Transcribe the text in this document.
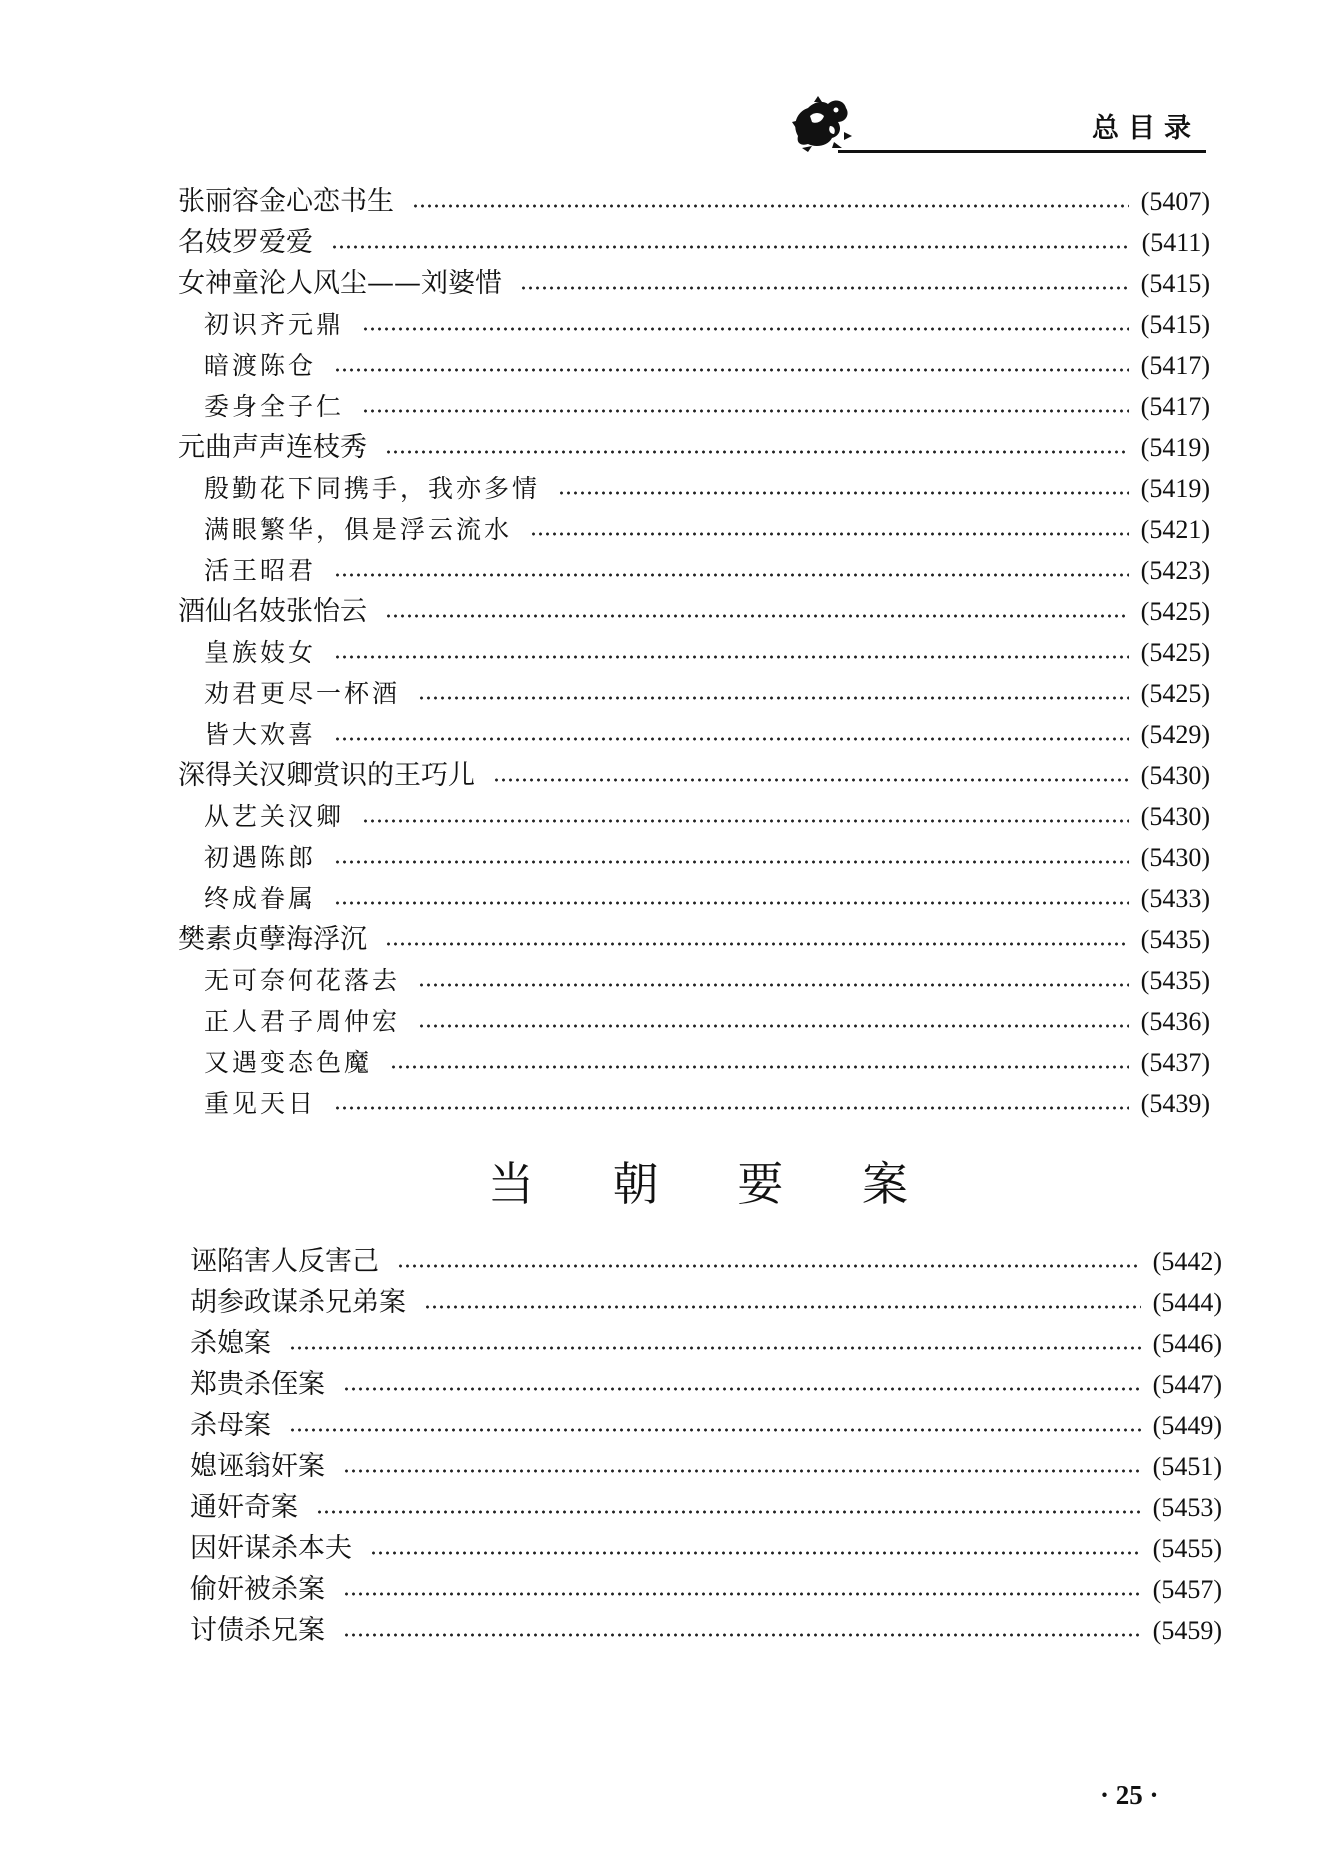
总目录
张丽容金心恋书生	(5407)
名妓罗爱爱	(5411)
女神童沦人风尘——刘婆惜	(5415)
初识齐元鼎	(5415)
暗渡陈仓	(5417)
委身全子仁	(5417)
元曲声声连枝秀	(5419)
殷勤花下同携手，我亦多情	(5419)
满眼繁华，俱是浮云流水	(5421)
活王昭君	(5423)
酒仙名妓张怡云	(5425)
皇族妓女	(5425)
劝君更尽一杯酒	(5425)
皆大欢喜	(5429)
深得关汉卿赏识的王巧儿	(5430)
从艺关汉卿	(5430)
初遇陈郎	(5430)
终成眷属	(5433)
樊素贞孽海浮沉	(5435)
无可奈何花落去	(5435)
正人君子周仲宏	(5436)
又遇变态色魔	(5437)
重见天日	(5439)
当 朝 要 案
诬陷害人反害己	(5442)
胡参政谋杀兄弟案	(5444)
杀媳案	(5446)
郑贵杀侄案	(5447)
杀母案	(5449)
媳诬翁奸案	(5451)
通奸奇案	(5453)
因奸谋杀本夫	(5455)
偷奸被杀案	(5457)
讨债杀兄案	(5459)
· 25 ·
